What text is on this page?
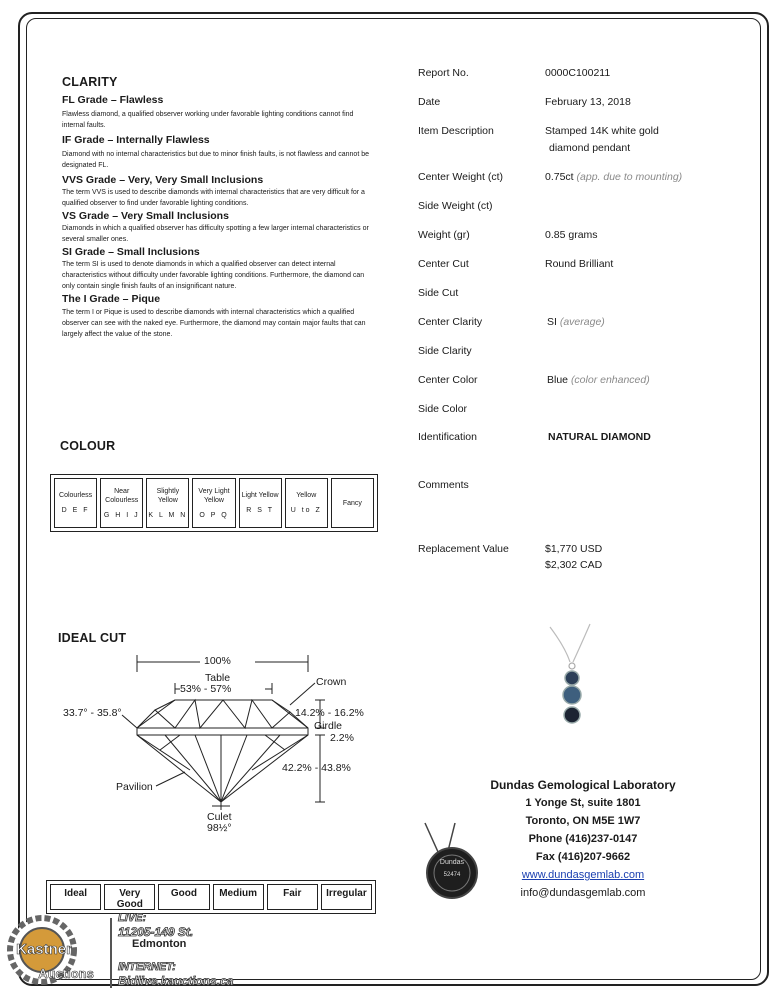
CLARITY
FL Grade – Flawless
Flawless diamond, a qualified observer working under favorable lighting conditions cannot find internal faults.
IF Grade – Internally Flawless
Diamond with no internal characteristics but due to minor finish faults, is not flawless and cannot be designated FL.
VVS Grade – Very, Very Small Inclusions
The term VVS is used to describe diamonds with internal characteristics that are very difficult for a qualified observer to find under favorable lighting conditions.
VS Grade – Very Small Inclusions
Diamonds in which a qualified observer has difficulty spotting a few larger internal characteristics or several smaller ones.
SI Grade – Small Inclusions
The term SI is used to denote diamonds in which a qualified observer can detect internal characteristics without difficulty under favorable lighting conditions. Furthermore, the diamond can only contain single finish faults of an insignificant nature.
The I Grade – Pique
The term I or Pique is used to describe diamonds with internal characteristics which a qualified observer can see with the naked eye. Furthermore, the diamond may contain major faults that can largely affect the value of the stone.
COLOUR
Colourless
D E F
Near Colourless
G H I J
Slightly Yellow
K L M N
Very Light Yellow
O P Q
Light Yellow
R S T
Yellow
U to Z
Fancy
IDEAL CUT
100%
Table
53% - 57%
Crown
33.7° - 35.8°	14.2% - 16.2%
Girdle
2.2%
42.2% - 43.8%
Pavilion
Culet
98½°
Ideal	Very Good
Good	Medium	Fair	Irregular
Report No.	0000C100211
Date	February 13, 2018
Item Description	Stamped 14K white gold
diamond pendant
Center Weight (ct)	0.75ct (app. due to mounting)
Side Weight (ct)
Weight (gr)	0.85 grams
Center Cut	Round Brilliant
Side Cut
Center Clarity	SI (average)
Side Clarity
Center Color	Blue (color enhanced)
Side Color
Identification	NATURAL DIAMOND
Comments
Replacement Value	$1,770 USD
$2,302 CAD
Dundas Gemological Laboratory
1 Yonge St, suite 1801
Toronto, ON M5E 1W7
Phone (416)237-0147
Fax (416)207-9662
www.dundasgemlab.com
info@dundasgemlab.com
Dundas
52474
Kastner
Auctions
LIVE:
11205-149 St.
Edmonton
INTERNET:
Bidlive.kauctions.ca
